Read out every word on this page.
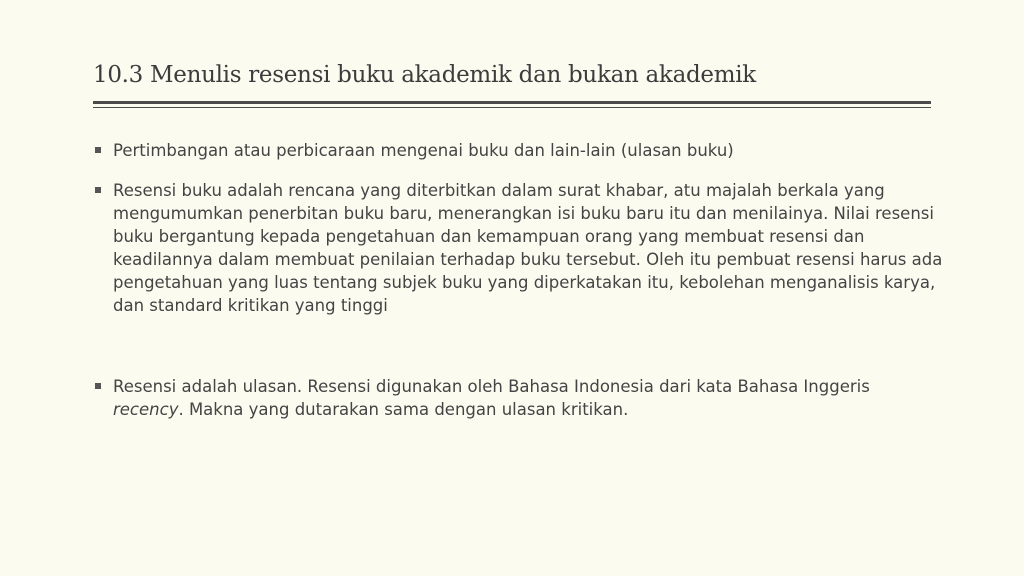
10.3 Menulis resensi buku akademik dan bukan akademik
Pertimbangan atau perbicaraan mengenai buku dan lain-lain (ulasan buku)
Resensi buku adalah rencana yang diterbitkan dalam surat khabar, atu majalah berkala yang mengumumkan penerbitan buku baru, menerangkan isi buku baru itu dan menilainya. Nilai resensi buku bergantung kepada pengetahuan dan kemampuan orang yang membuat resensi dan keadilannya dalam membuat penilaian terhadap buku tersebut. Oleh itu pembuat resensi harus ada pengetahuan yang luas tentang subjek buku yang diperkatakan itu, kebolehan menganalisis karya, dan standard kritikan yang tinggi
Resensi adalah ulasan. Resensi digunakan oleh Bahasa Indonesia dari kata Bahasa Inggeris recency. Makna yang dutarakan sama dengan ulasan kritikan.
